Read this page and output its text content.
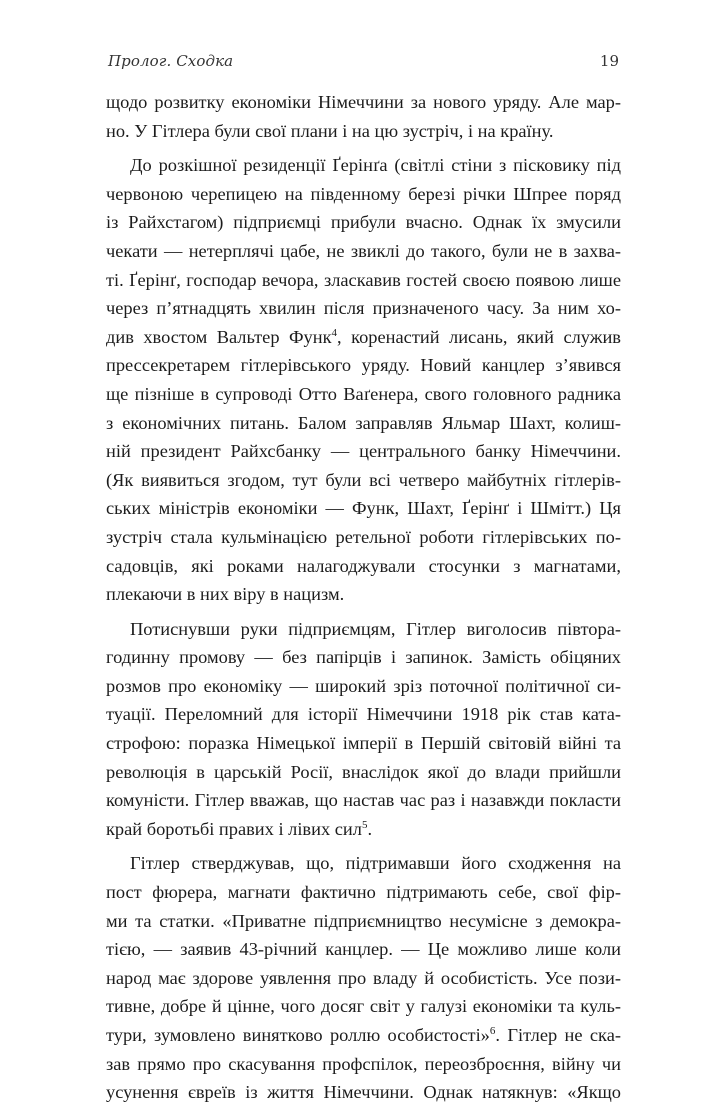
Пролог. Сходка	19
щодо розвитку економіки Німеччини за нового уряду. Але мар-
но. У Гітлера були свої плани і на цю зустріч, і на країну.
До розкішної резиденції Ґерінґа (світлі стіни з пісковику під
червоною черепицею на південному березі річки Шпрее поряд
із Райхстагом) підприємці прибули вчасно. Однак їх змусили
чекати — нетерплячі цабе, не звиклі до такого, були не в захва-
ті. Ґерінґ, господар вечора, зласкавив гостей своєю появою лише
через п’ятнадцять хвилин після призначеного часу. За ним хо-
див хвостом Вальтер Функ$^4$, коренастий лисань, який служив
прессекретарем гітлерівського уряду. Новий канцлер з’явився
ще пізніше в супроводі Отто Ваґенера, свого головного радника
з економічних питань. Балом заправляв Яльмар Шахт, колиш-
ній президент Райхсбанку — центрального банку Німеччини.
(Як виявиться згодом, тут були всі четверо майбутніх гітлерів-
ських міністрів економіки — Функ, Шахт, Ґерінґ і Шмітт.) Ця
зустріч стала кульмінацією ретельної роботи гітлерівських по-
садовців, які роками налагоджували стосунки з магнатами,
плекаючи в них віру в нацизм.
Потиснувши руки підприємцям, Гітлер виголосив півторa-
годинну промову — без папірців і запинок. Замість обіцяних
розмов про економіку — широкий зріз поточної політичної си-
туації. Переломний для історії Німеччини 1918 рік став ката-
строфою: поразка Німецької імперії в Першій світовій війні та
революція в царській Росії, внаслідок якої до влади прийшли
комуністи. Гітлер вважав, що настав час раз і назавжди покласти
край боротьбі правих і лівих сил$^5$.
Гітлер стверджував, що, підтримавши його сходження на
пост фюрера, магнати фактично підтримають себе, свої фір-
ми та статки. «Приватне підприємництво несумісне з демокра-
тією, — заявив 43-річний канцлер. — Це можливо лише коли
народ має здорове уявлення про владу й особистість. Усе пози-
тивне, добре й цінне, чого досяг світ у галузі економіки та куль-
тури, зумовлено винятково роллю особистості»$^6$. Гітлер не ска-
зав прямо про скасування профспілок, переозброєння, війну чи
усунення євреїв із життя Німеччини. Однак натякнув: «Якщо
